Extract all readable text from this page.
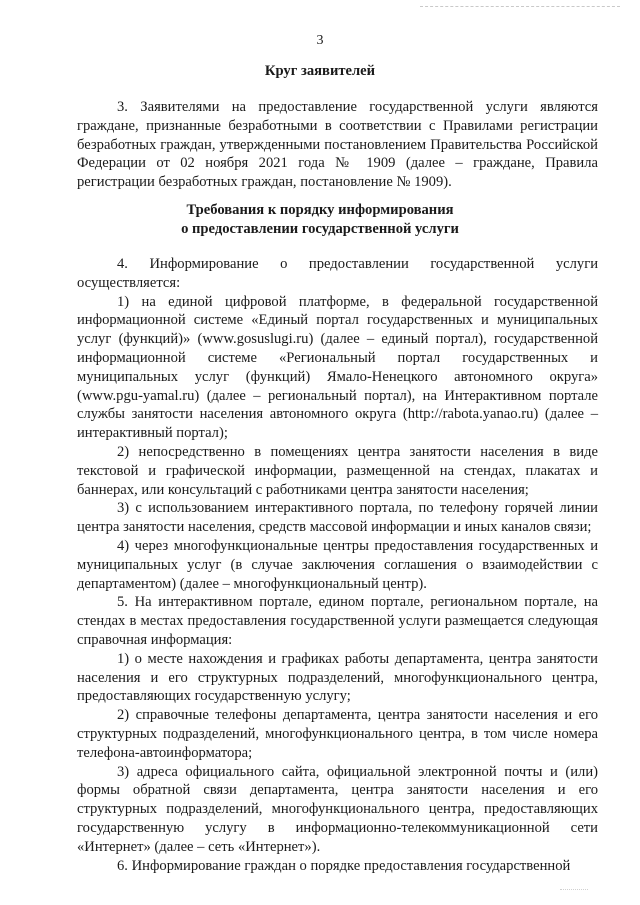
3
Круг заявителей

3. Заявителями на предоставление государственной услуги являются граждане, признанные безработными в соответствии с Правилами регистрации безработных граждан, утвержденными постановлением Правительства Российской Федерации от 02 ноября 2021 года № 1909 (далее – граждане, Правила регистрации безработных граждан, постановление № 1909).

Требования к порядку информирования
о предоставлении государственной услуги

4. Информирование о предоставлении государственной услуги осуществляется:

1) на единой цифровой платформе, в федеральной государственной информационной системе «Единый портал государственных и муниципальных услуг (функций)» (www.gosuslugi.ru) (далее – единый портал), государственной информационной системе «Региональный портал государственных и муниципальных услуг (функций) Ямало-Ненецкого автономного округа» (www.pgu-yamal.ru) (далее – региональный портал), на Интерактивном портале службы занятости населения автономного округа (http://rabota.yanao.ru) (далее – интерактивный портал);

2) непосредственно в помещениях центра занятости населения в виде текстовой и графической информации, размещенной на стендах, плакатах и баннерах, или консультаций с работниками центра занятости населения;

3) с использованием интерактивного портала, по телефону горячей линии центра занятости населения, средств массовой информации и иных каналов связи;

4) через многофункциональные центры предоставления государственных и муниципальных услуг (в случае заключения соглашения о взаимодействии с департаментом) (далее – многофункциональный центр).

5. На интерактивном портале, едином портале, региональном портале, на стендах в местах предоставления государственной услуги размещается следующая справочная информация:

1) о месте нахождения и графиках работы департамента, центра занятости населения и его структурных подразделений, многофункционального центра, предоставляющих государственную услугу;

2) справочные телефоны департамента, центра занятости населения и его структурных подразделений, многофункционального центра, в том числе номера телефона-автоинформатора;

3) адреса официального сайта, официальной электронной почты и (или) формы обратной связи департамента, центра занятости населения и его структурных подразделений, многофункционального центра, предоставляющих государственную услугу в информационно-телекоммуникационной сети «Интернет» (далее – сеть «Интернет»).

6. Информирование граждан о порядке предоставления государственной
